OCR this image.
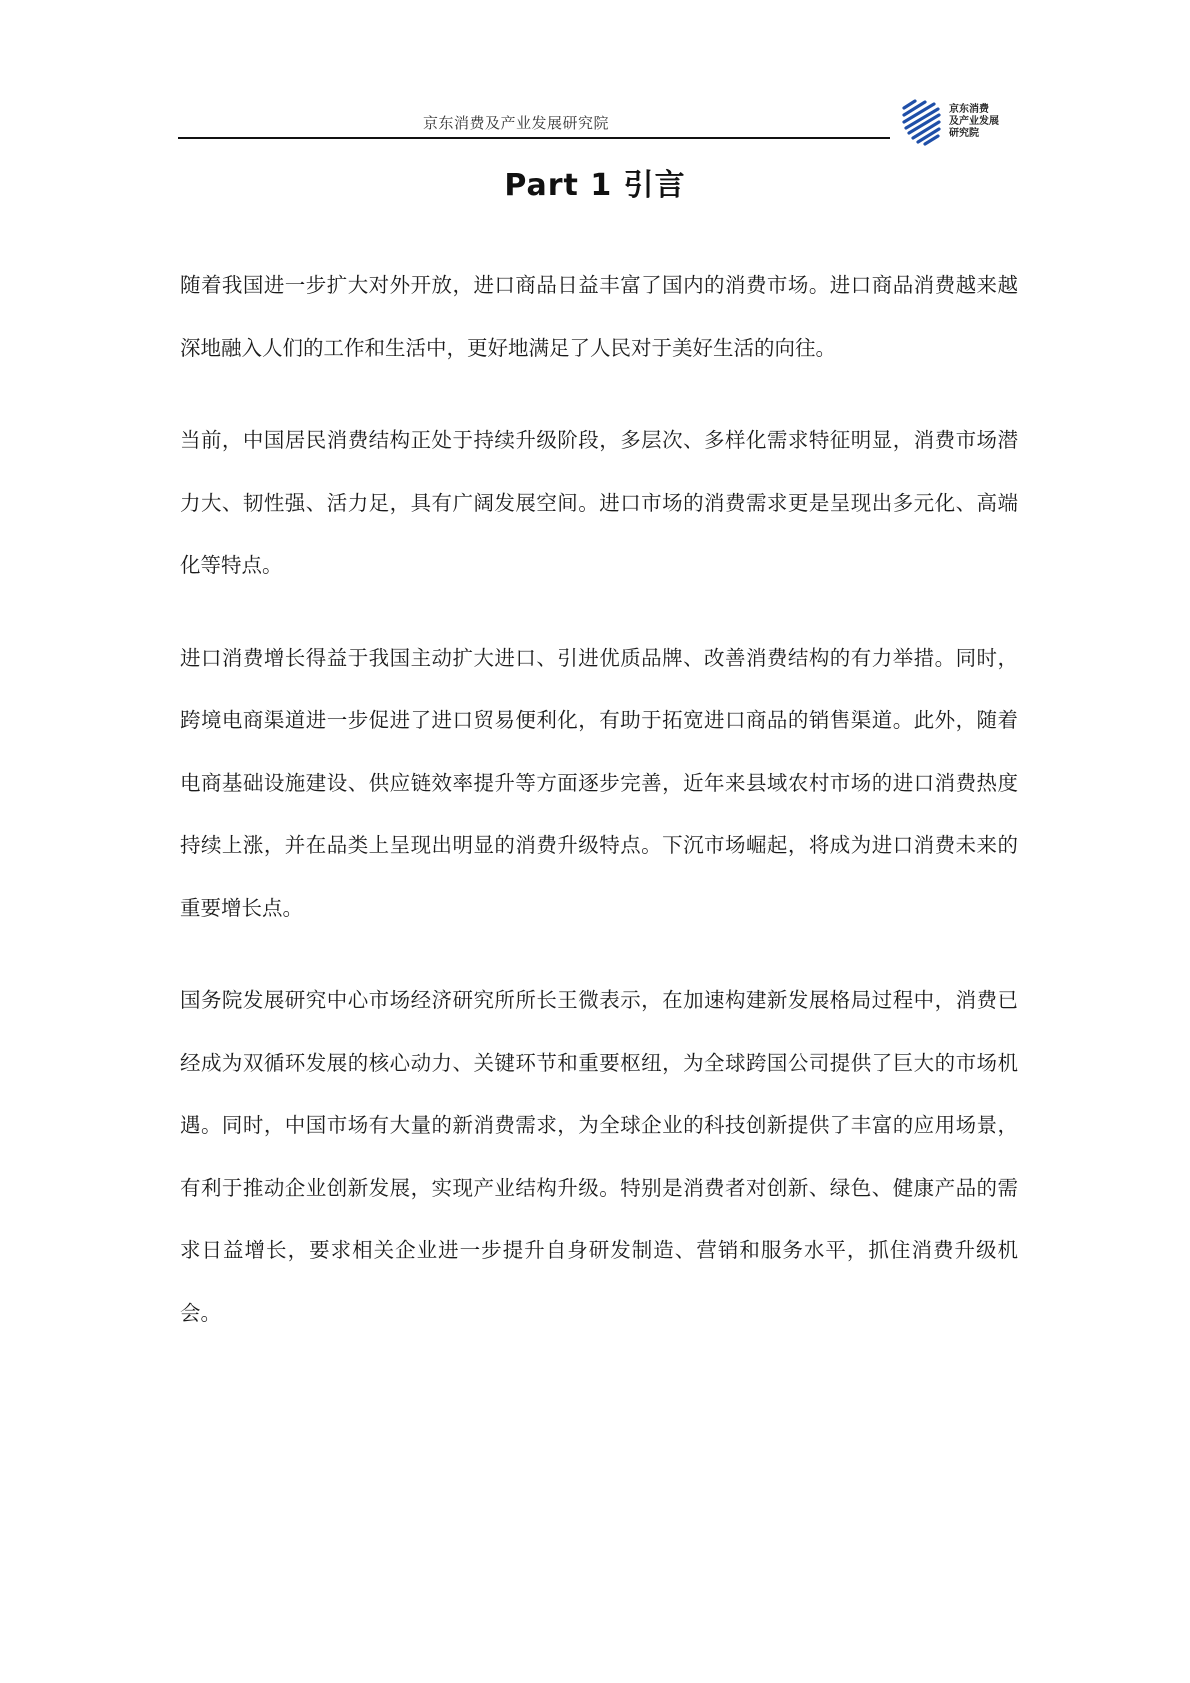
京东消费及产业发展研究院
京东消费
及产业发展
研究院
Part 1 引言

随着我国进一步扩大对外开放，进口商品日益丰富了国内的消费市场。进口商品消费越来越深地融入人们的工作和生活中，更好地满足了人民对于美好生活的向往。

当前，中国居民消费结构正处于持续升级阶段，多层次、多样化需求特征明显，消费市场潜力大、韧性强、活力足，具有广阔发展空间。进口市场的消费需求更是呈现出多元化、高端化等特点。

进口消费增长得益于我国主动扩大进口、引进优质品牌、改善消费结构的有力举措。同时，跨境电商渠道进一步促进了进口贸易便利化，有助于拓宽进口商品的销售渠道。此外，随着电商基础设施建设、供应链效率提升等方面逐步完善，近年来县域农村市场的进口消费热度持续上涨，并在品类上呈现出明显的消费升级特点。下沉市场崛起，将成为进口消费未来的重要增长点。

国务院发展研究中心市场经济研究所所长王微表示，在加速构建新发展格局过程中，消费已经成为双循环发展的核心动力、关键环节和重要枢纽，为全球跨国公司提供了巨大的市场机遇。同时，中国市场有大量的新消费需求，为全球企业的科技创新提供了丰富的应用场景，有利于推动企业创新发展，实现产业结构升级。特别是消费者对创新、绿色、健康产品的需求日益增长，要求相关企业进一步提升自身研发制造、营销和服务水平，抓住消费升级机会。
